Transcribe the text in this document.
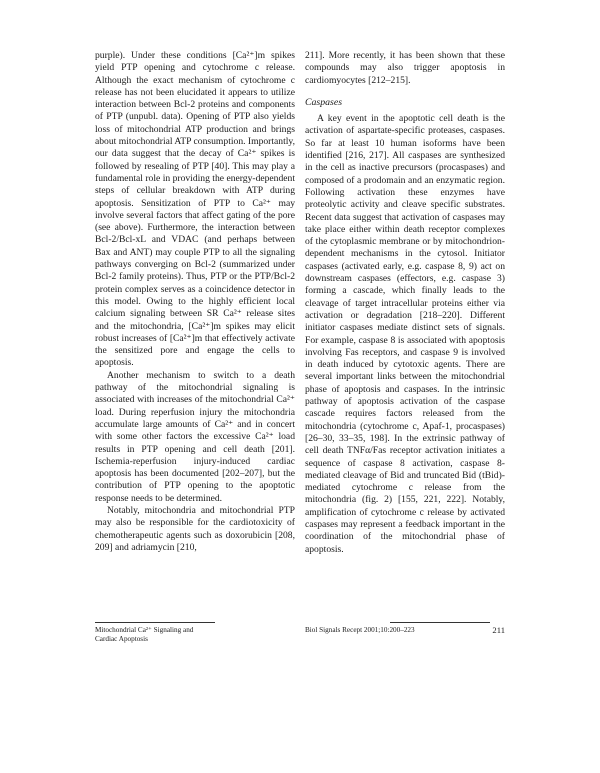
purple). Under these conditions [Ca²⁺]m spikes yield PTP opening and cytochrome c release. Although the exact mechanism of cytochrome c release has not been elucidated it appears to utilize interaction between Bcl-2 proteins and components of PTP (unpubl. data). Opening of PTP also yields loss of mitochondrial ATP production and brings about mitochondrial ATP consumption. Importantly, our data suggest that the decay of Ca²⁺ spikes is followed by resealing of PTP [40]. This may play a fundamental role in providing the energy-dependent steps of cellular breakdown with ATP during apoptosis. Sensitization of PTP to Ca²⁺ may involve several factors that affect gating of the pore (see above). Furthermore, the interaction between Bcl-2/Bcl-xL and VDAC (and perhaps between Bax and ANT) may couple PTP to all the signaling pathways converging on Bcl-2 (summarized under Bcl-2 family proteins). Thus, PTP or the PTP/Bcl-2 protein complex serves as a coincidence detector in this model. Owing to the highly efficient local calcium signaling between SR Ca²⁺ release sites and the mitochondria, [Ca²⁺]m spikes may elicit robust increases of [Ca²⁺]m that effectively activate the sensitized pore and engage the cells to apoptosis.

Another mechanism to switch to a death pathway of the mitochondrial signaling is associated with increases of the mitochondrial Ca²⁺ load. During reperfusion injury the mitochondria accumulate large amounts of Ca²⁺ and in concert with some other factors the excessive Ca²⁺ load results in PTP opening and cell death [201]. Ischemia-reperfusion injury-induced cardiac apoptosis has been documented [202–207], but the contribution of PTP opening to the apoptotic response needs to be determined.

Notably, mitochondria and mitochondrial PTP may also be responsible for the cardiotoxicity of chemotherapeutic agents such as doxorubicin [208, 209] and adriamycin [210,

211]. More recently, it has been shown that these compounds may also trigger apoptosis in cardiomyocytes [212–215].

Caspases

A key event in the apoptotic cell death is the activation of aspartate-specific proteases, caspases. So far at least 10 human isoforms have been identified [216, 217]. All caspases are synthesized in the cell as inactive precursors (procaspases) and composed of a prodomain and an enzymatic region. Following activation these enzymes have proteolytic activity and cleave specific substrates. Recent data suggest that activation of caspases may take place either within death receptor complexes of the cytoplasmic membrane or by mitochondrion-dependent mechanisms in the cytosol. Initiator caspases (activated early, e.g. caspase 8, 9) act on downstream caspases (effectors, e.g. caspase 3) forming a cascade, which finally leads to the cleavage of target intracellular proteins either via activation or degradation [218–220]. Different initiator caspases mediate distinct sets of signals. For example, caspase 8 is associated with apoptosis involving Fas receptors, and caspase 9 is involved in death induced by cytotoxic agents. There are several important links between the mitochondrial phase of apoptosis and caspases. In the intrinsic pathway of apoptosis activation of the caspase cascade requires factors released from the mitochondria (cytochrome c, Apaf-1, procaspases) [26–30, 33–35, 198]. In the extrinsic pathway of cell death TNFα/Fas receptor activation initiates a sequence of caspase 8 activation, caspase 8-mediated cleavage of Bid and truncated Bid (tBid)-mediated cytochrome c release from the mitochondria (fig. 2) [155, 221, 222]. Notably, amplification of cytochrome c release by activated caspases may represent a feedback important in the coordination of the mitochondrial phase of apoptosis.

Mitochondrial Ca²⁺ Signaling and
Cardiac Apoptosis
Biol Signals Recept 2001;10:200–223	211
